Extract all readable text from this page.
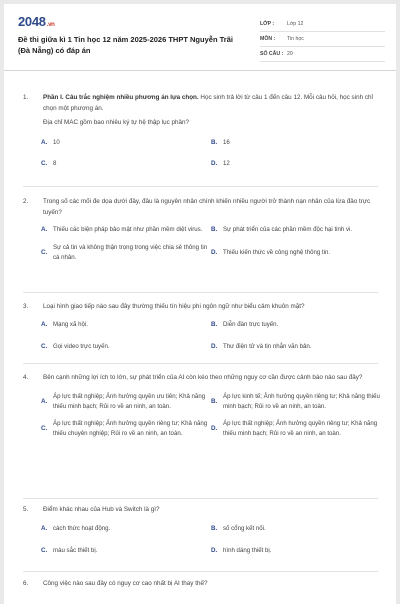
2048.vn
Đề thi giữa kì 1 Tin học 12 năm 2025-2026 THPT Nguyễn Trãi (Đà Nẵng) có đáp án
LỚP :	Lớp 12
MÔN :	Tin học
SỐ CÂU : 20
1.	Phần I. Câu trắc nghiệm nhiều phương án lựa chọn. Học sinh trả lời từ câu 1 đến câu 12. Mỗi câu hỏi, học sinh chỉ chọn một phương án.
Địa chỉ MAC gồm bao nhiêu ký tự hệ thập lục phân?
A. 10	B. 16
C. 8	D. 12
2.	Trong số các mối đe dọa dưới đây, đâu là nguyên nhân chính khiến nhiều người trở thành nạn nhân của lừa đảo trực tuyến?
A. Thiếu các biện pháp bảo mật như phần mềm diệt virus.	B. Sự phát triển của các phần mềm độc hại tinh vi.
C.
Sự cả tin và không thận trọng trong việc chia sẻ thông tin cá nhân.
D. Thiếu kiến thức về công nghệ thông tin.
3.	Loại hình giao tiếp nào sau đây thường thiếu tín hiệu phi ngôn ngữ như biểu cảm khuôn mặt?
A. Mạng xã hội.	B. Diễn đàn trực tuyến.
C. Gọi video trực tuyến.	D. Thư điện tử và tin nhắn văn bản.
4.	Bên cạnh những lợi ích to lớn, sự phát triển của AI còn kéo theo những nguy cơ cần được cảnh báo nào sau đây?
A.
Áp lực thất nghiệp; Ảnh hưởng quyền ưu tiên; Khả năng thiếu minh bạch; Rủi ro về an ninh, an toàn.
B.
Áp lực kinh tế; Ảnh hưởng quyền riêng tư; Khả năng thiếu minh bạch; Rủi ro về an ninh, an toàn.
C.
Áp lực thất nghiệp; Ảnh hưởng quyền riêng tư; Khả năng thiếu chuyên nghiệp; Rủi ro về an ninh, an toàn.
D.
Áp lực thất nghiệp; Ảnh hưởng quyền riêng tư; Khả năng thiếu minh bạch; Rủi ro về an ninh, an toàn.
5.	Điểm khác nhau của Hub và Switch là gì?
A. cách thức hoạt động.	B. số cổng kết nối.
C. màu sắc thiết bị.	D. hình dáng thiết bị.
6.	Công việc nào sau đây có nguy cơ cao nhất bị AI thay thế?
